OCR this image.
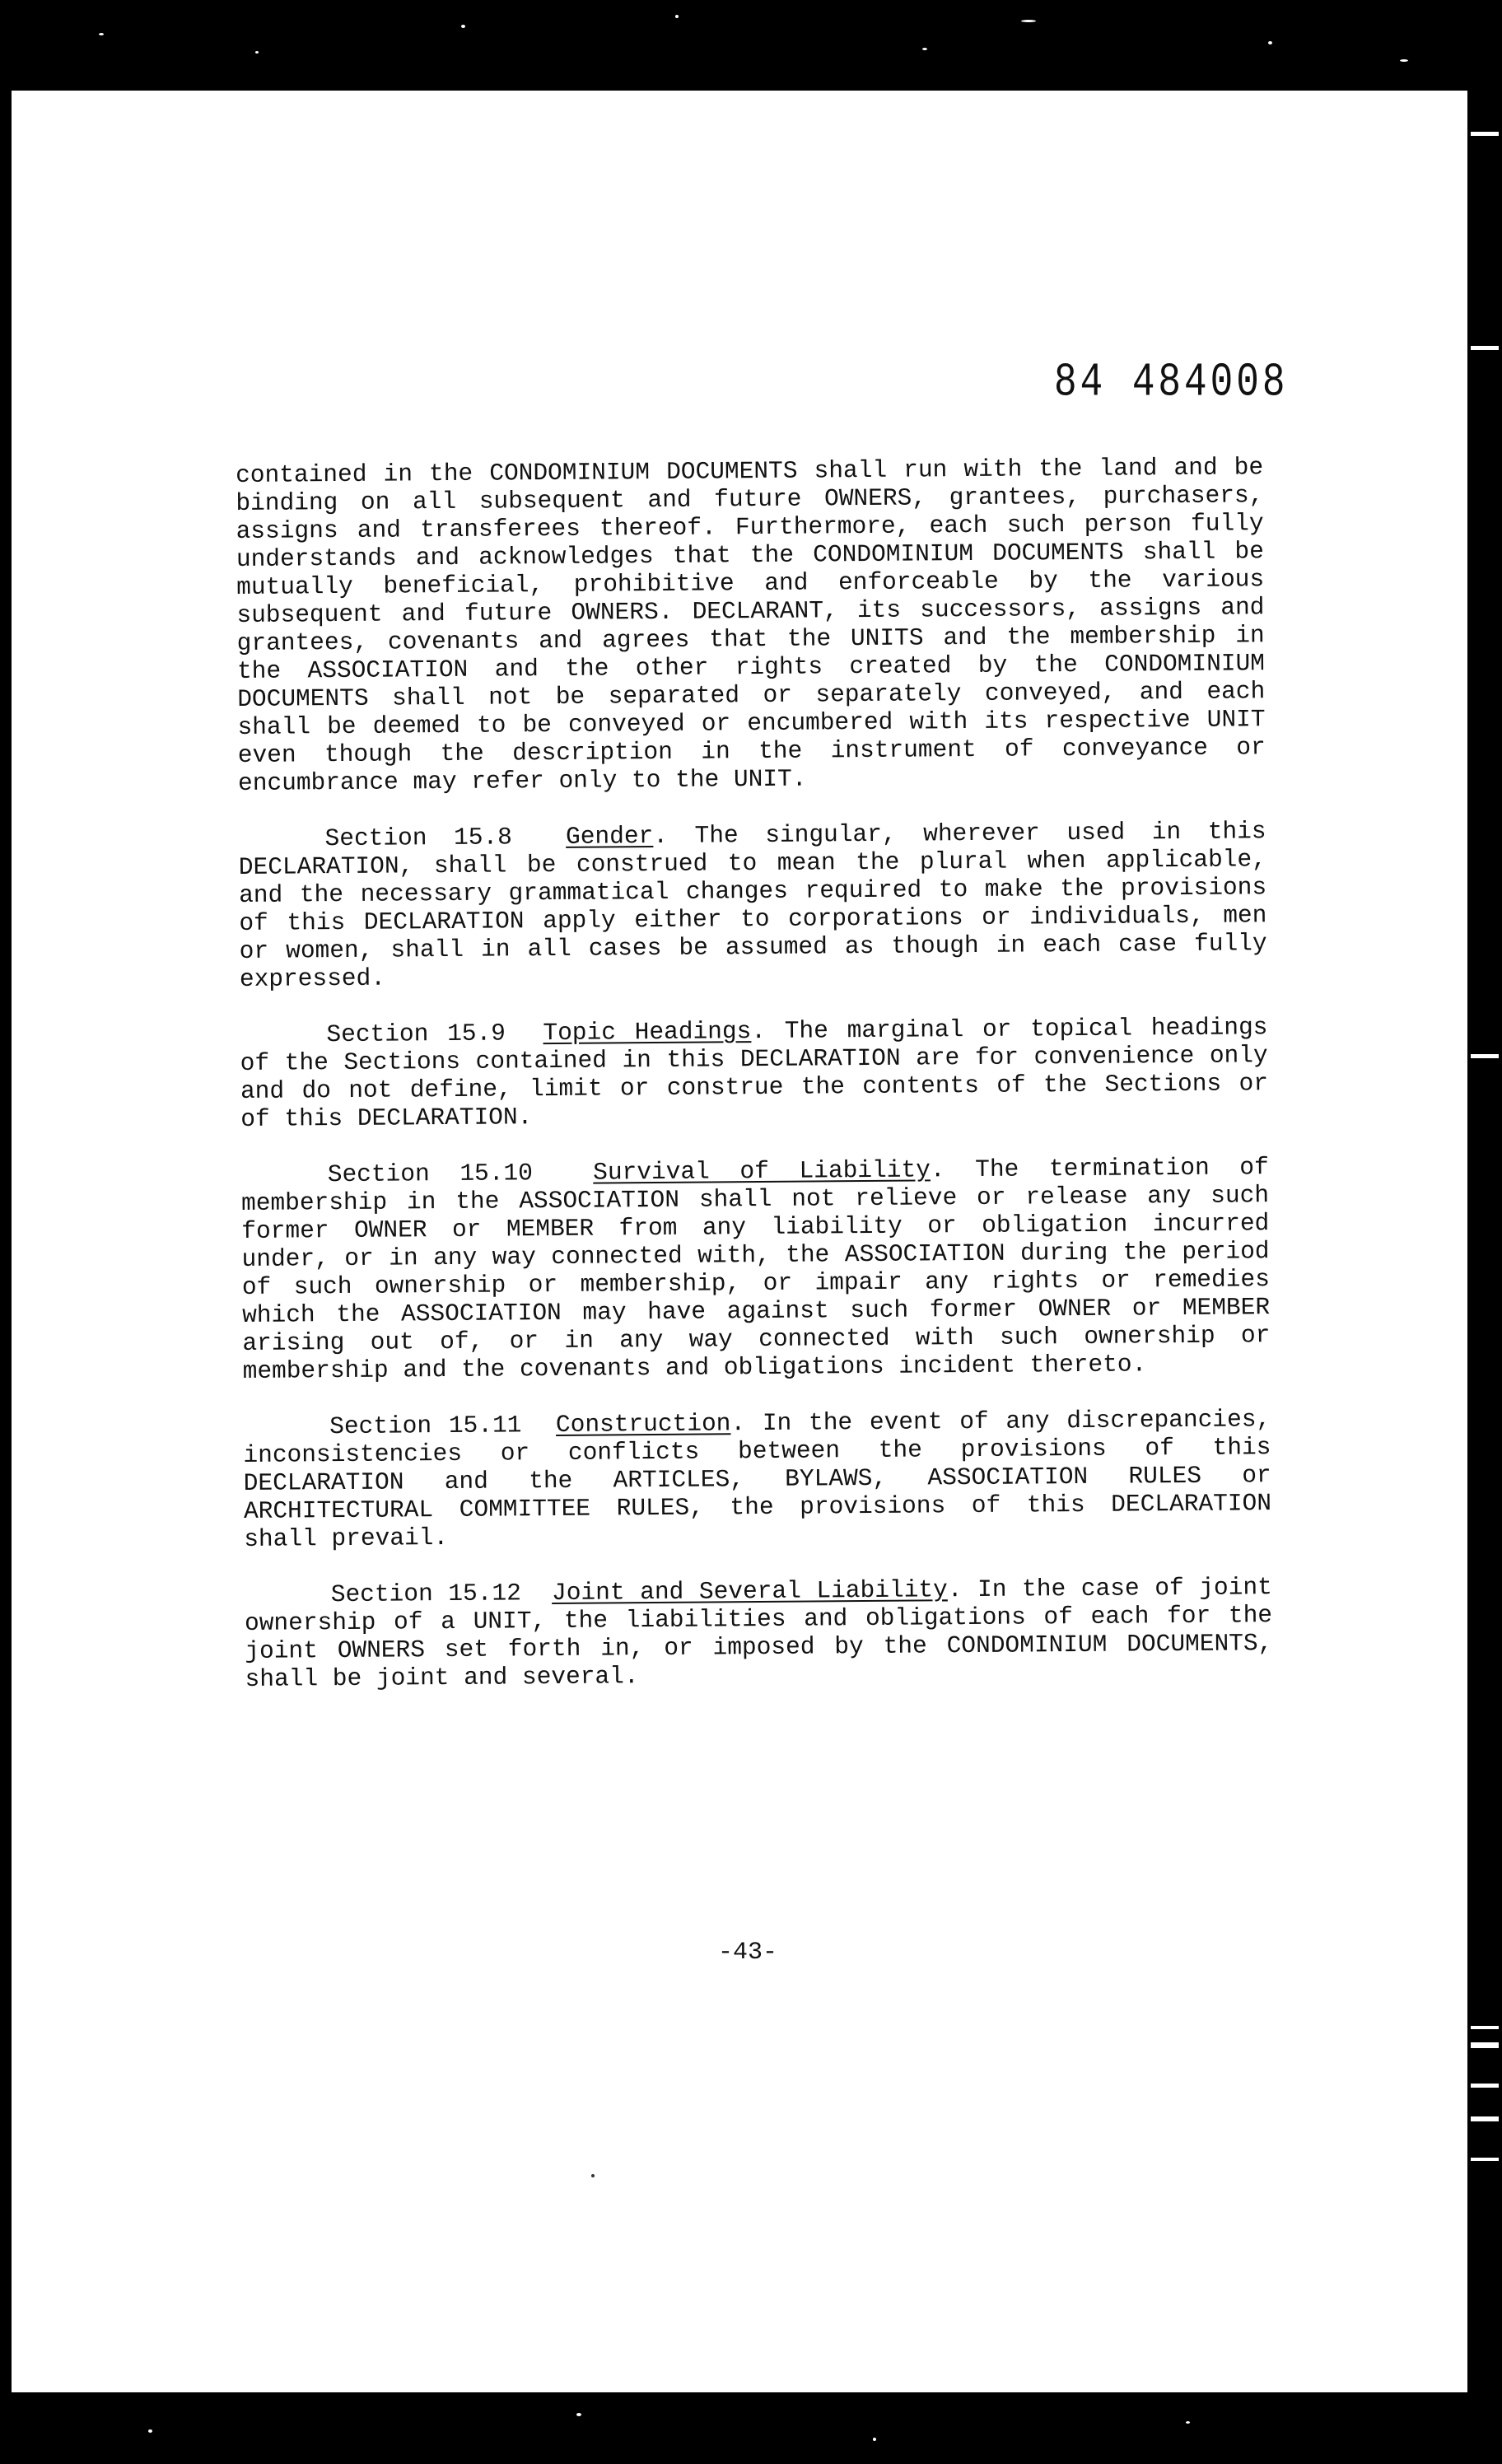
84 484008

contained in the CONDOMINIUM DOCUMENTS shall run with the land and be binding on all subsequent and future OWNERS, grantees, purchasers, assigns and transferees thereof. Furthermore, each such person fully understands and acknowledges that the CONDOMINIUM DOCUMENTS shall be mutually beneficial, prohibitive and enforceable by the various subsequent and future OWNERS. DECLARANT, its successors, assigns and grantees, covenants and agrees that the UNITS and the membership in the ASSOCIATION and the other rights created by the CONDOMINIUM DOCUMENTS shall not be separated or separately conveyed, and each shall be deemed to be conveyed or encumbered with its respective UNIT even though the description in the instrument of conveyance or encumbrance may refer only to the UNIT.

Section 15.8 Gender. The singular, wherever used in this DECLARATION, shall be construed to mean the plural when applicable, and the necessary grammatical changes required to make the provisions of this DECLARATION apply either to corporations or individuals, men or women, shall in all cases be assumed as though in each case fully expressed.

Section 15.9 Topic Headings. The marginal or topical headings of the Sections contained in this DECLARATION are for convenience only and do not define, limit or construe the contents of the Sections or of this DECLARATION.

Section 15.10 Survival of Liability. The termination of membership in the ASSOCIATION shall not relieve or release any such former OWNER or MEMBER from any liability or obligation incurred under, or in any way connected with, the ASSOCIATION during the period of such ownership or membership, or impair any rights or remedies which the ASSOCIATION may have against such former OWNER or MEMBER arising out of, or in any way connected with such ownership or membership and the covenants and obligations incident thereto.

Section 15.11 Construction. In the event of any discrepancies, inconsistencies or conflicts between the provisions of this DECLARATION and the ARTICLES, BYLAWS, ASSOCIATION RULES or ARCHITECTURAL COMMITTEE RULES, the provisions of this DECLARATION shall prevail.

Section 15.12 Joint and Several Liability. In the case of joint ownership of a UNIT, the liabilities and obligations of each for the joint OWNERS set forth in, or imposed by the CONDOMINIUM DOCUMENTS, shall be joint and several.

-43-
